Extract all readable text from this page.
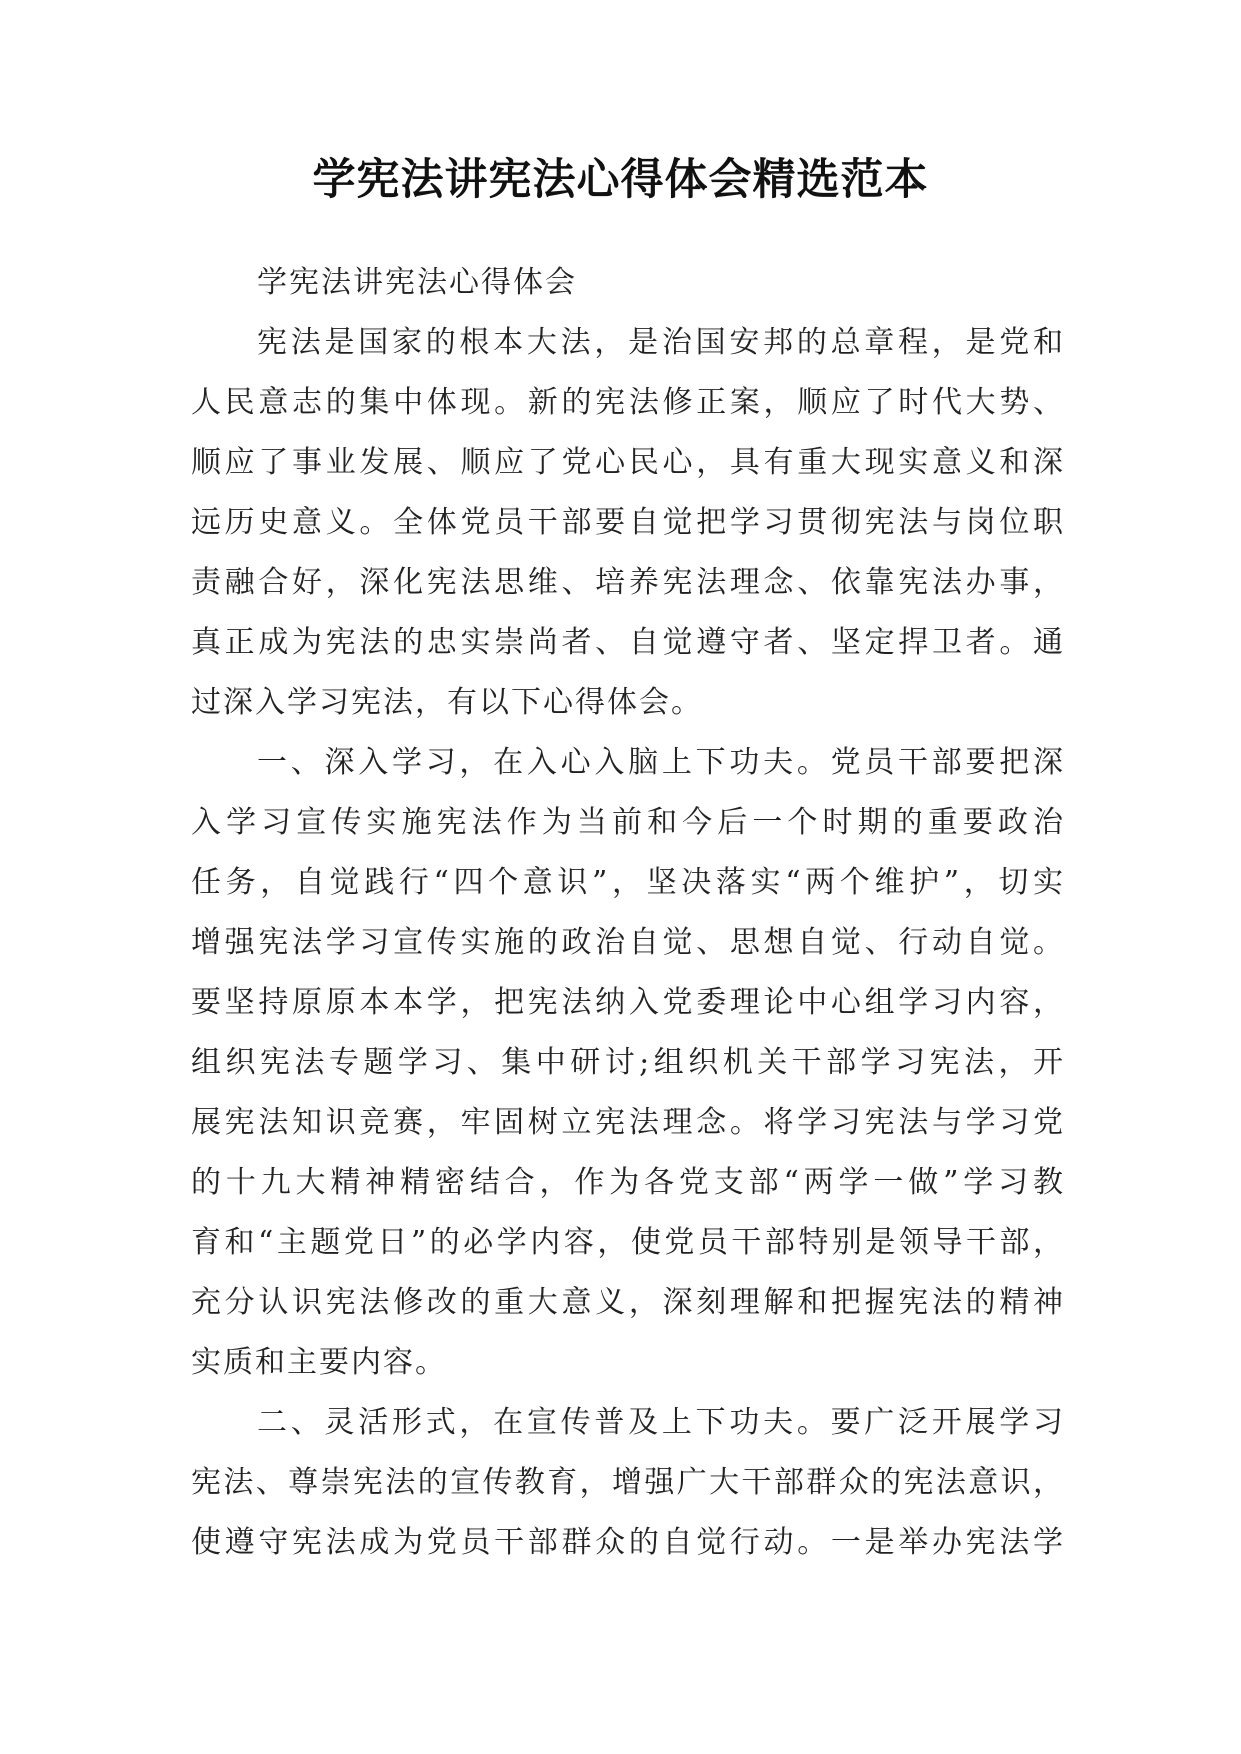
学宪法讲宪法心得体会精选范本
学宪法讲宪法心得体会
宪法是国家的根本大法，是治国安邦的总章程，是党和
人民意志的集中体现。新的宪法修正案，顺应了时代大势、
顺应了事业发展、顺应了党心民心，具有重大现实意义和深
远历史意义。全体党员干部要自觉把学习贯彻宪法与岗位职
责融合好，深化宪法思维、培养宪法理念、依靠宪法办事，
真正成为宪法的忠实崇尚者、自觉遵守者、坚定捍卫者。通
过深入学习宪法，有以下心得体会。
一、深入学习，在入心入脑上下功夫。党员干部要把深
入学习宣传实施宪法作为当前和今后一个时期的重要政治
任务，自觉践行“四个意识”，坚决落实“两个维护”，切实
增强宪法学习宣传实施的政治自觉、思想自觉、行动自觉。
要坚持原原本本学，把宪法纳入党委理论中心组学习内容，
组织宪法专题学习、集中研讨;组织机关干部学习宪法，开
展宪法知识竞赛，牢固树立宪法理念。将学习宪法与学习党
的十九大精神精密结合，作为各党支部“两学一做”学习教
育和“主题党日”的必学内容，使党员干部特别是领导干部，
充分认识宪法修改的重大意义，深刻理解和把握宪法的精神
实质和主要内容。
二、灵活形式，在宣传普及上下功夫。要广泛开展学习
宪法、尊崇宪法的宣传教育，增强广大干部群众的宪法意识，
使遵守宪法成为党员干部群众的自觉行动。一是举办宪法学
